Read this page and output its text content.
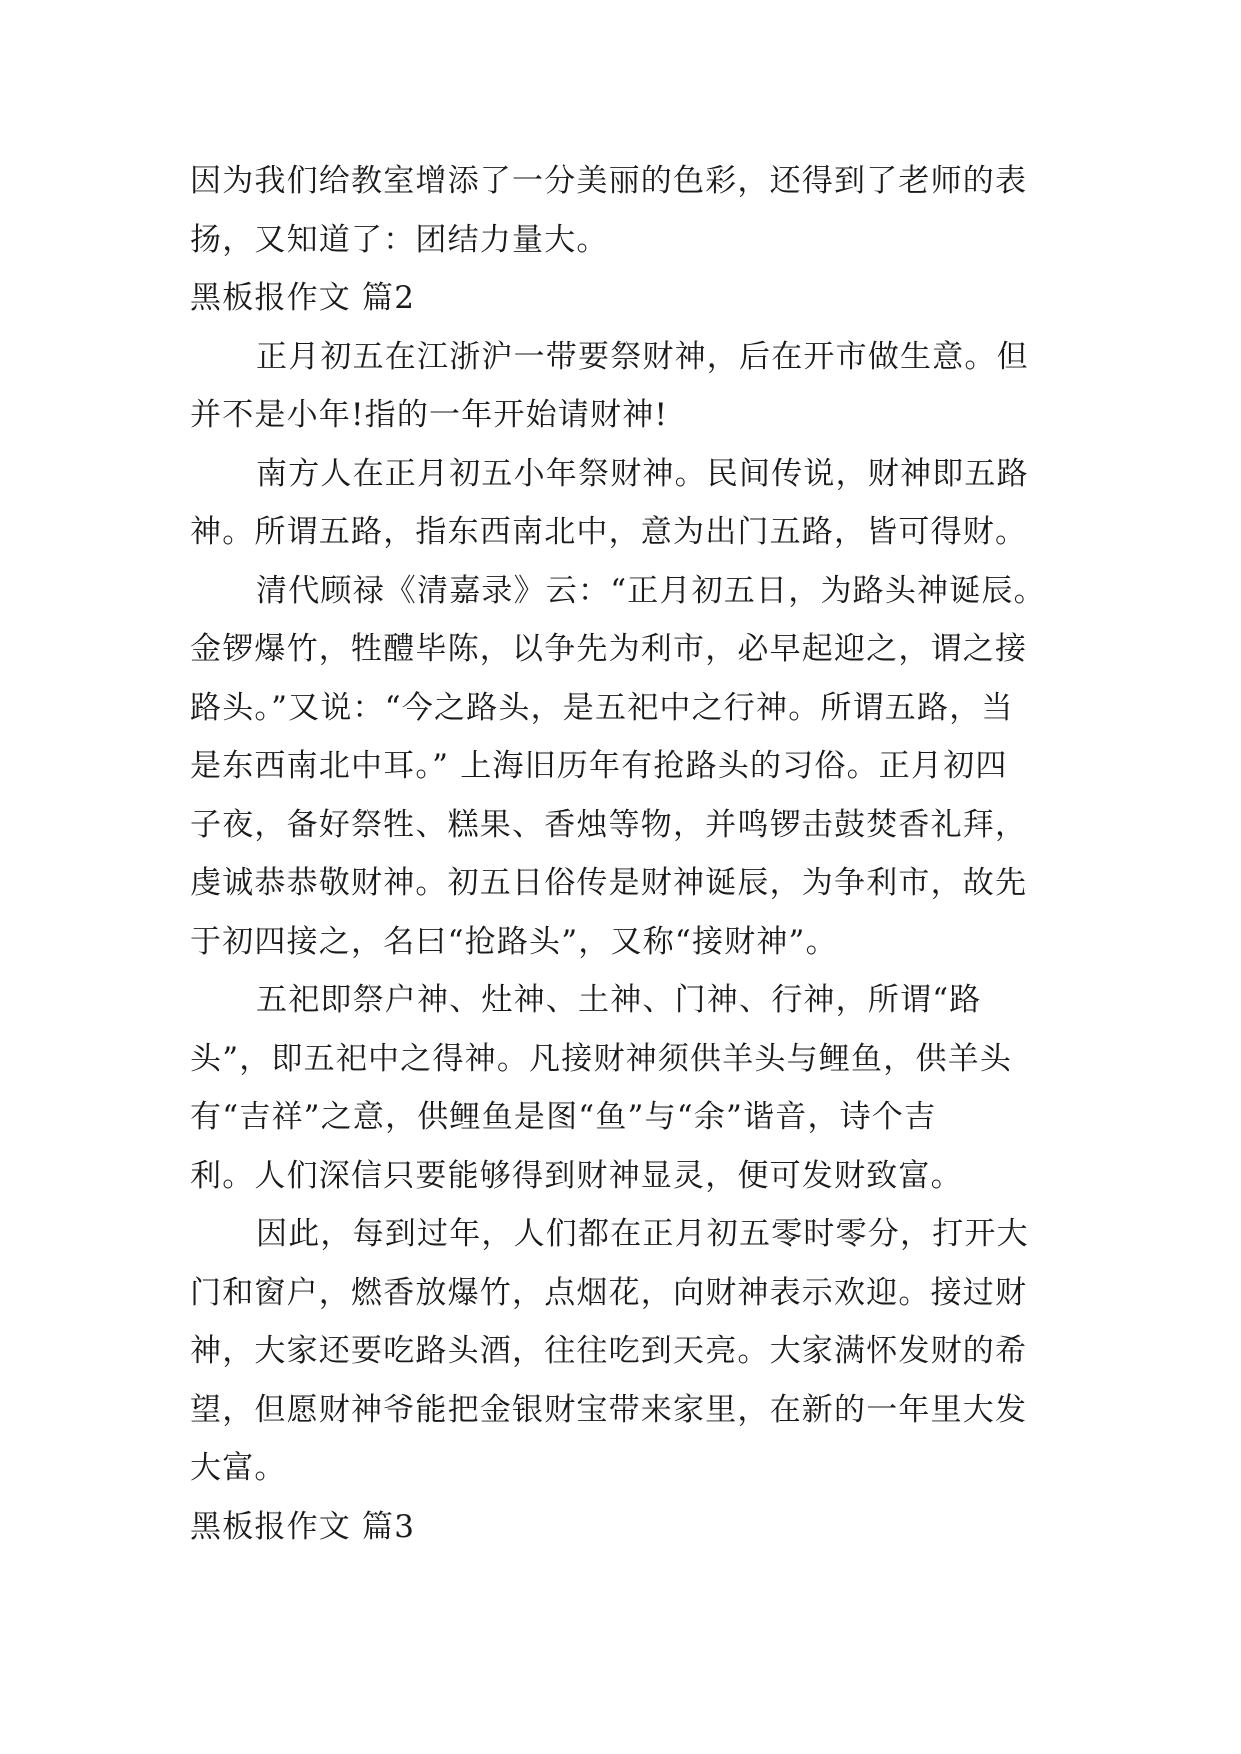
因为我们给教室增添了一分美丽的色彩，还得到了老师的表
扬，又知道了：团结力量大。
黑板报作文 篇2
正月初五在江浙沪一带要祭财神，后在开市做生意。但
并不是小年!指的一年开始请财神!
南方人在正月初五小年祭财神。民间传说，财神即五路
神。所谓五路，指东西南北中，意为出门五路，皆可得财。
清代顾禄《清嘉录》云：“正月初五日，为路头神诞辰。
金锣爆竹，牲醴毕陈，以争先为利市，必早起迎之，谓之接
路头。”又说：“今之路头，是五祀中之行神。所谓五路，当
是东西南北中耳。” 上海旧历年有抢路头的习俗。正月初四
子夜，备好祭牲、糕果、香烛等物，并鸣锣击鼓焚香礼拜，
虔诚恭恭敬财神。初五日俗传是财神诞辰，为争利市，故先
于初四接之，名曰“抢路头”，又称“接财神”。
五祀即祭户神、灶神、土神、门神、行神，所谓“路
头”，即五祀中之得神。凡接财神须供羊头与鲤鱼，供羊头
有“吉祥”之意，供鲤鱼是图“鱼”与“余”谐音，诗个吉
利。人们深信只要能够得到财神显灵，便可发财致富。
因此，每到过年，人们都在正月初五零时零分，打开大
门和窗户，燃香放爆竹，点烟花，向财神表示欢迎。接过财
神，大家还要吃路头酒，往往吃到天亮。大家满怀发财的希
望，但愿财神爷能把金银财宝带来家里，在新的一年里大发
大富。
黑板报作文 篇3
